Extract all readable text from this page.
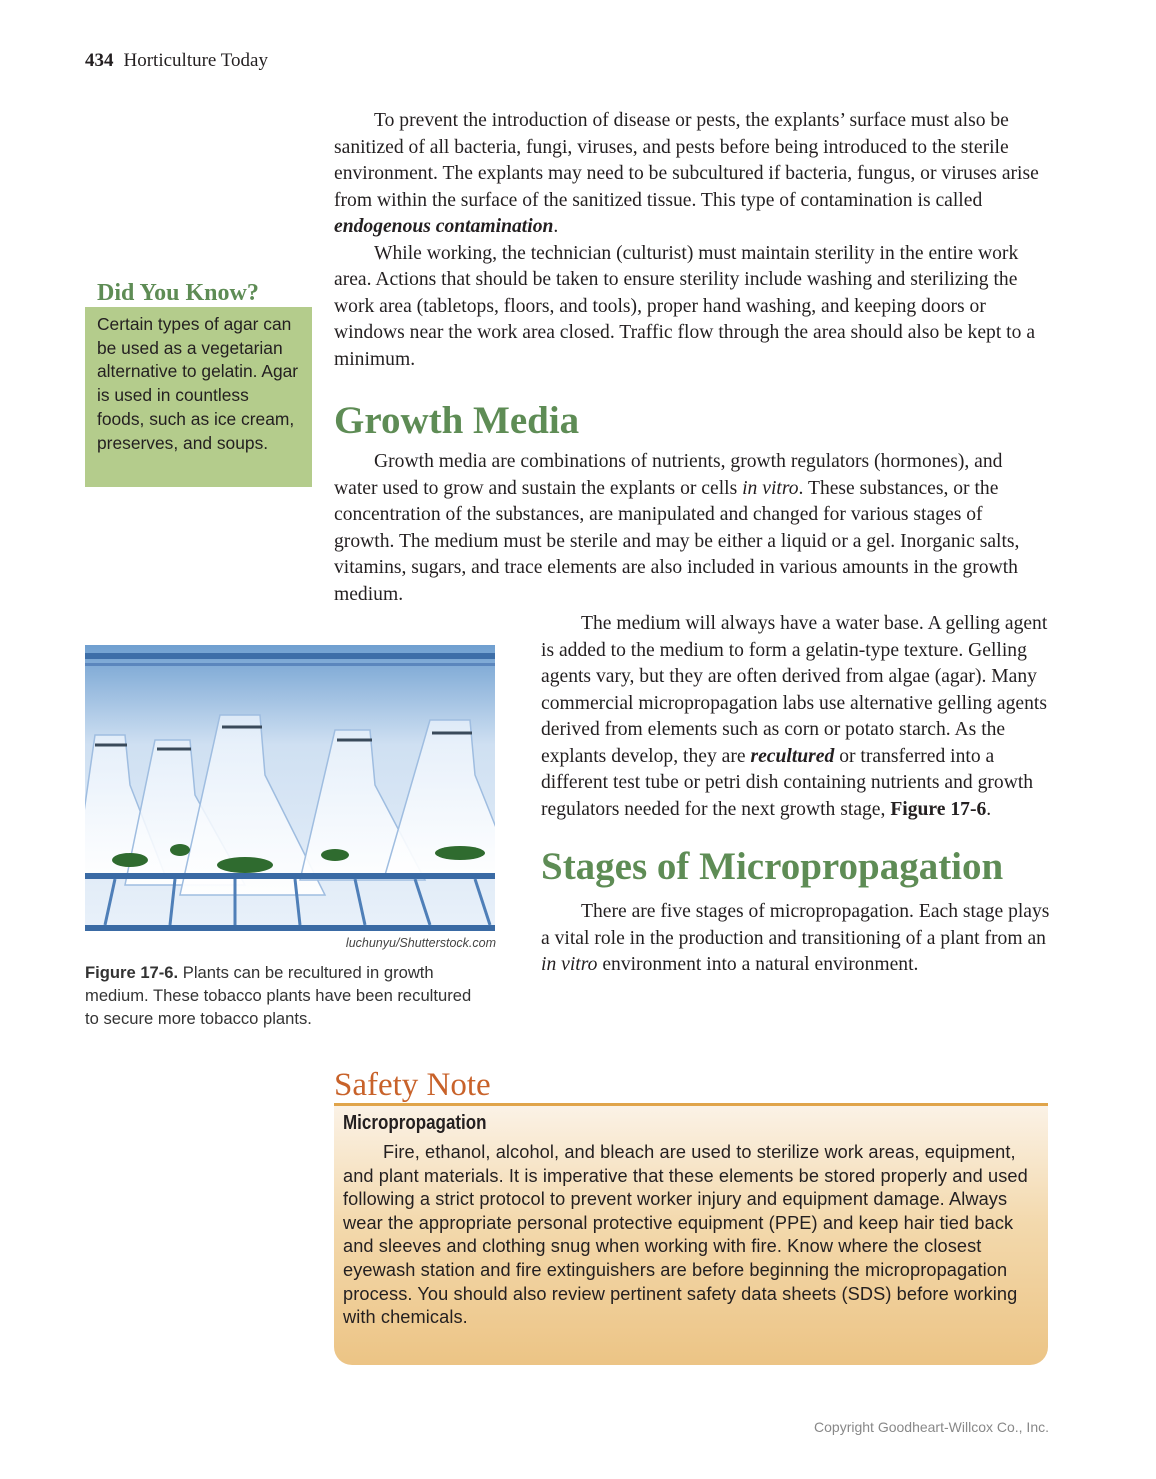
434 Horticulture Today

To prevent the introduction of disease or pests, the explants’ surface must also be sanitized of all bacteria, fungi, viruses, and pests before being introduced to the sterile environment. The explants may need to be subcultured if bacteria, fungus, or viruses arise from within the surface of the sanitized tissue. This type of contamination is called endogenous contamination.

While working, the technician (culturist) must maintain sterility in the entire work area. Actions that should be taken to ensure sterility include washing and sterilizing the work area (tabletops, floors, and tools), proper hand washing, and keeping doors or windows near the work area closed. Traffic flow through the area should also be kept to a minimum.

Growth Media

Growth media are combinations of nutrients, growth regulators (hormones), and water used to grow and sustain the explants or cells in vitro. These substances, or the concentration of the substances, are manipulated and changed for various stages of growth. The medium must be sterile and may be either a liquid or a gel. Inorganic salts, vitamins, sugars, and trace elements are also included in various amounts in the growth medium.

Did You Know?
Certain types of agar can be used as a vegetarian alternative to gelatin. Agar is used in countless foods, such as ice cream, preserves, and soups.

The medium will always have a water base. A gelling agent is added to the medium to form a gelatin-type texture. Gelling agents vary, but they are often derived from algae (agar). Many commercial micropropagation labs use alternative gelling agents derived from elements such as corn or potato starch. As the explants develop, they are recultured or transferred into a different test tube or petri dish containing nutrients and growth regulators needed for the next growth stage, Figure 17-6.

Stages of Micropropagation

There are five stages of micropropagation. Each stage plays a vital role in the production and transitioning of a plant from an in vitro environment into a natural environment.

luchunyu/Shutterstock.com
Figure 17-6. Plants can be recultured in growth medium. These tobacco plants have been recultured to secure more tobacco plants.
Safety Note
Micropropagation

Fire, ethanol, alcohol, and bleach are used to sterilize work areas, equipment, and plant materials. It is imperative that these elements be stored properly and used following a strict protocol to prevent worker injury and equipment damage. Always wear the appropriate personal protective equipment (PPE) and keep hair tied back and sleeves and clothing snug when working with fire. Know where the closest eyewash station and fire extinguishers are before beginning the micropropagation process. You should also review pertinent safety data sheets (SDS) before working with chemicals.

Copyright Goodheart-Willcox Co., Inc.
